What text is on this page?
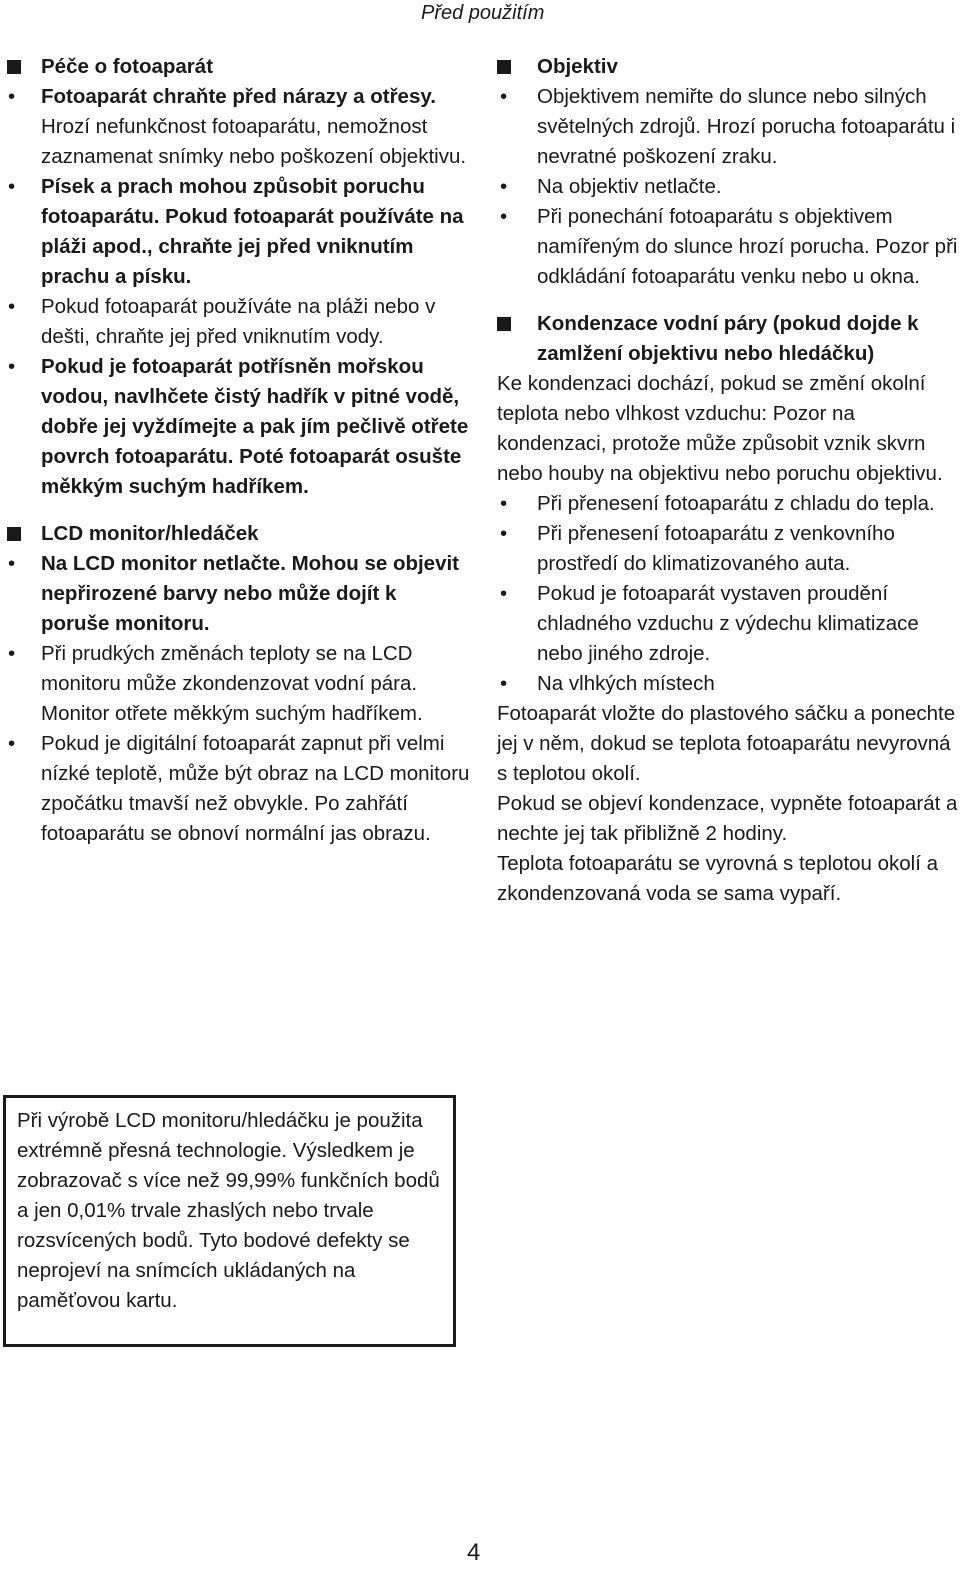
Před použitím
Péče o fotoaparát
• Fotoaparát chraňte před nárazy a otřesy. Hrozí nefunkčnost fotoaparátu, nemožnost zaznamenat snímky nebo poškození objektivu.
• Písek a prach mohou způsobit poruchu fotoaparátu. Pokud fotoaparát používáte na pláži apod., chraňte jej před vniknutím prachu a písku.
• Pokud fotoaparát používáte na pláži nebo v dešti, chraňte jej před vniknutím vody.
• Pokud je fotoaparát potřísněn mořskou vodou, navlhčete čistý hadřík v pitné vodě, dobře jej vyždímejte a pak jím pečlivě otřete povrch fotoaparátu. Poté fotoaparát osušte měkkým suchým hadříkem.
LCD monitor/hledáček
• Na LCD monitor netlačte. Mohou se objevit nepřirozené barvy nebo může dojít k poruše monitoru.
• Při prudkých změnách teploty se na LCD monitoru může zkondenzovat vodní pára. Monitor otřete měkkým suchým hadříkem.
• Pokud je digitální fotoaparát zapnut při velmi nízké teplotě, může být obraz na LCD monitoru zpočátku tmavší než obvykle. Po zahřátí fotoaparátu se obnoví normální jas obrazu.
Objektiv
• Objektivem nemiřte do slunce nebo silných světelných zdrojů. Hrozí porucha fotoaparátu i nevratné poškození zraku.
• Na objektiv netlačte.
• Při ponechání fotoaparátu s objektivem namířeným do slunce hrozí porucha. Pozor při odkládání fotoaparátu venku nebo u okna.
Kondenzace vodní páry (pokud dojde k zamlžení objektivu nebo hledáčku)

Ke kondenzaci dochází, pokud se změní okolní teplota nebo vlhkost vzduchu: Pozor na kondenzaci, protože může způsobit vznik skvrn nebo houby na objektivu nebo poruchu objektivu.

• Při přenesení fotoaparátu z chladu do tepla.
• Při přenesení fotoaparátu z venkovního prostředí do klimatizovaného auta.
• Pokud je fotoaparát vystaven proudění chladného vzduchu z výdechu klimatizace nebo jiného zdroje.
• Na vlhkých místech

Fotoaparát vložte do plastového sáčku a ponechte jej v něm, dokud se teplota fotoaparátu nevyrovná s teplotou okolí.

Pokud se objeví kondenzace, vypněte fotoaparát a nechte jej tak přibližně 2 hodiny.

Teplota fotoaparátu se vyrovná s teplotou okolí a zkondenzovaná voda se sama vypaří.

Při výrobě LCD monitoru/hledáčku je použita extrémně přesná technologie. Výsledkem je zobrazovač s více než 99,99% funkčních bodů a jen 0,01% trvale zhaslých nebo trvale rozsvícených bodů. Tyto bodové defekty se neprojeví na snímcích ukládaných na paměťovou kartu.
4
